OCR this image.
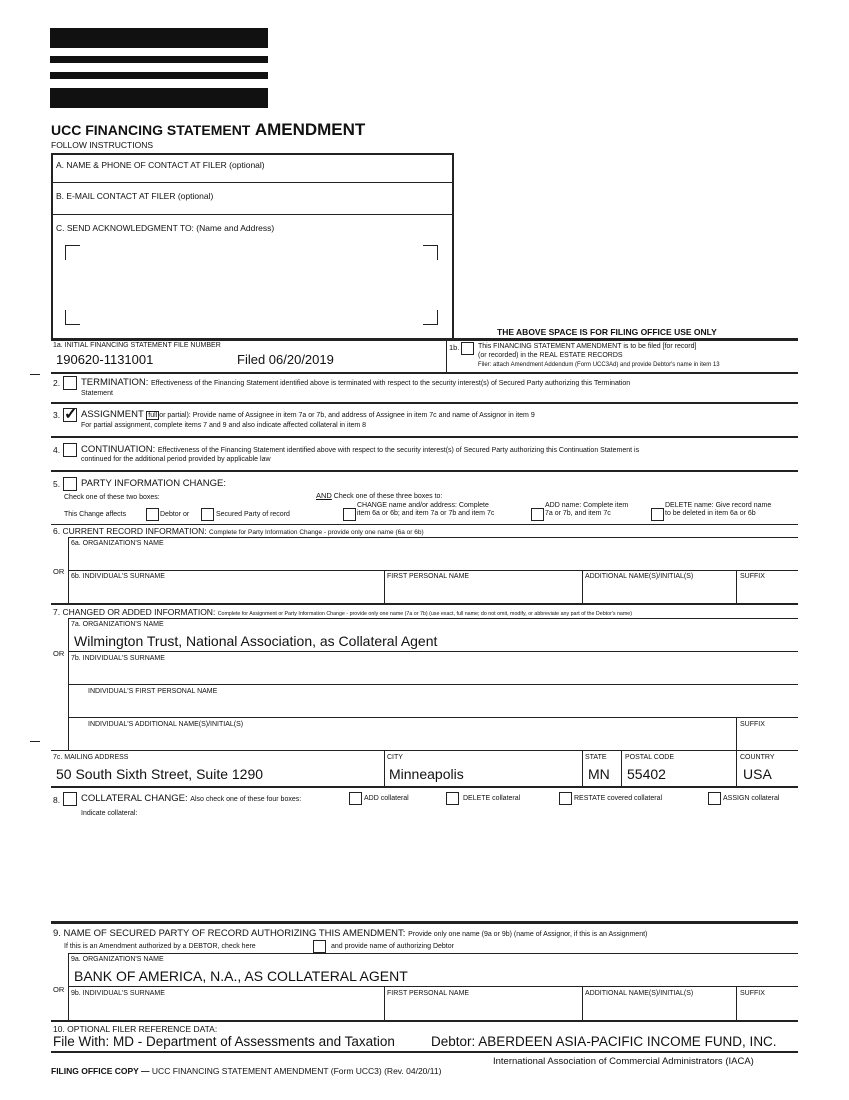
UCC FINANCING STATEMENT AMENDMENT
FOLLOW INSTRUCTIONS
A. NAME & PHONE OF CONTACT AT FILER (optional)
B. E-MAIL CONTACT AT FILER (optional)
C. SEND ACKNOWLEDGMENT TO: (Name and Address)
THE ABOVE SPACE IS FOR FILING OFFICE USE ONLY
1a. INITIAL FINANCING STATEMENT FILE NUMBER
190620-1131001	Filed 06/20/2019
1b.	This FINANCING STATEMENT AMENDMENT is to be filed [for record]
(or recorded) in the REAL ESTATE RECORDS
Filer: attach Amendment Addendum (Form UCC3Ad) and provide Debtor's name in item 13
2. TERMINATION: Effectiveness of the Financing Statement identified above is terminated with respect to the security interest(s) of Secured Party authorizing this Termination
Statement
3. ✓ ASSIGNMENT full or partial): Provide name of Assignee in item 7a or 7b, and address of Assignee in item 7c and name of Assignor in item 9
For partial assignment, complete items 7 and 9 and also indicate affected collateral in item 8
4. CONTINUATION: Effectiveness of the Financing Statement identified above with respect to the security interest(s) of Secured Party authorizing this Continuation Statement is
continued for the additional period provided by applicable law
5. PARTY INFORMATION CHANGE:
Check one of these two boxes:	AND Check one of these three boxes to:
This Change affects	Debtor or	Secured Party of record
CHANGE name and/or address: Complete
item 6a or 6b; and item 7a or 7b and item 7c
ADD name: Complete item
7a or 7b, and item 7c
DELETE name: Give record name
to be deleted in item 6a or 6b
6. CURRENT RECORD INFORMATION: Complete for Party Information Change - provide only one name (6a or 6b)
6a. ORGANIZATION'S NAME
OR
6b. INDIVIDUAL'S SURNAME	FIRST PERSONAL NAME	ADDITIONAL NAME(S)/INITIAL(S)	SUFFIX
7. CHANGED OR ADDED INFORMATION: Complete for Assignment or Party Information Change - provide only one name (7a or 7b) (use exact, full name; do not omit, modify, or abbreviate any part of the Debtor's name)
7a. ORGANIZATION'S NAME
Wilmington Trust, National Association, as Collateral Agent
OR
7b. INDIVIDUAL'S SURNAME
INDIVIDUAL'S FIRST PERSONAL NAME
INDIVIDUAL'S ADDITIONAL NAME(S)/INITIAL(S)	SUFFIX
7c. MAILING ADDRESS
50 South Sixth Street, Suite 1290
CITY
Minneapolis
STATE
MN
POSTAL CODE
55402
COUNTRY
USA
8. COLLATERAL CHANGE: Also check one of these four boxes:	ADD collateral	DELETE collateral	RESTATE covered collateral	ASSIGN collateral
Indicate collateral:
9. NAME OF SECURED PARTY OF RECORD AUTHORIZING THIS AMENDMENT: Provide only one name (9a or 9b) (name of Assignor, if this is an Assignment)
If this is an Amendment authorized by a DEBTOR, check here	and provide name of authorizing Debtor
9a. ORGANIZATION'S NAME
BANK OF AMERICA, N.A., AS COLLATERAL AGENT
OR 9b. INDIVIDUAL'S SURNAME	FIRST PERSONAL NAME	ADDITIONAL NAME(S)/INITIAL(S)	SUFFIX
10. OPTIONAL FILER REFERENCE DATA:
File With: MD - Department of Assessments and Taxation	Debtor: ABERDEEN ASIA-PACIFIC INCOME FUND, INC.
FILING OFFICE COPY — UCC FINANCING STATEMENT AMENDMENT (Form UCC3) (Rev. 04/20/11)
International Association of Commercial Administrators (IACA)
